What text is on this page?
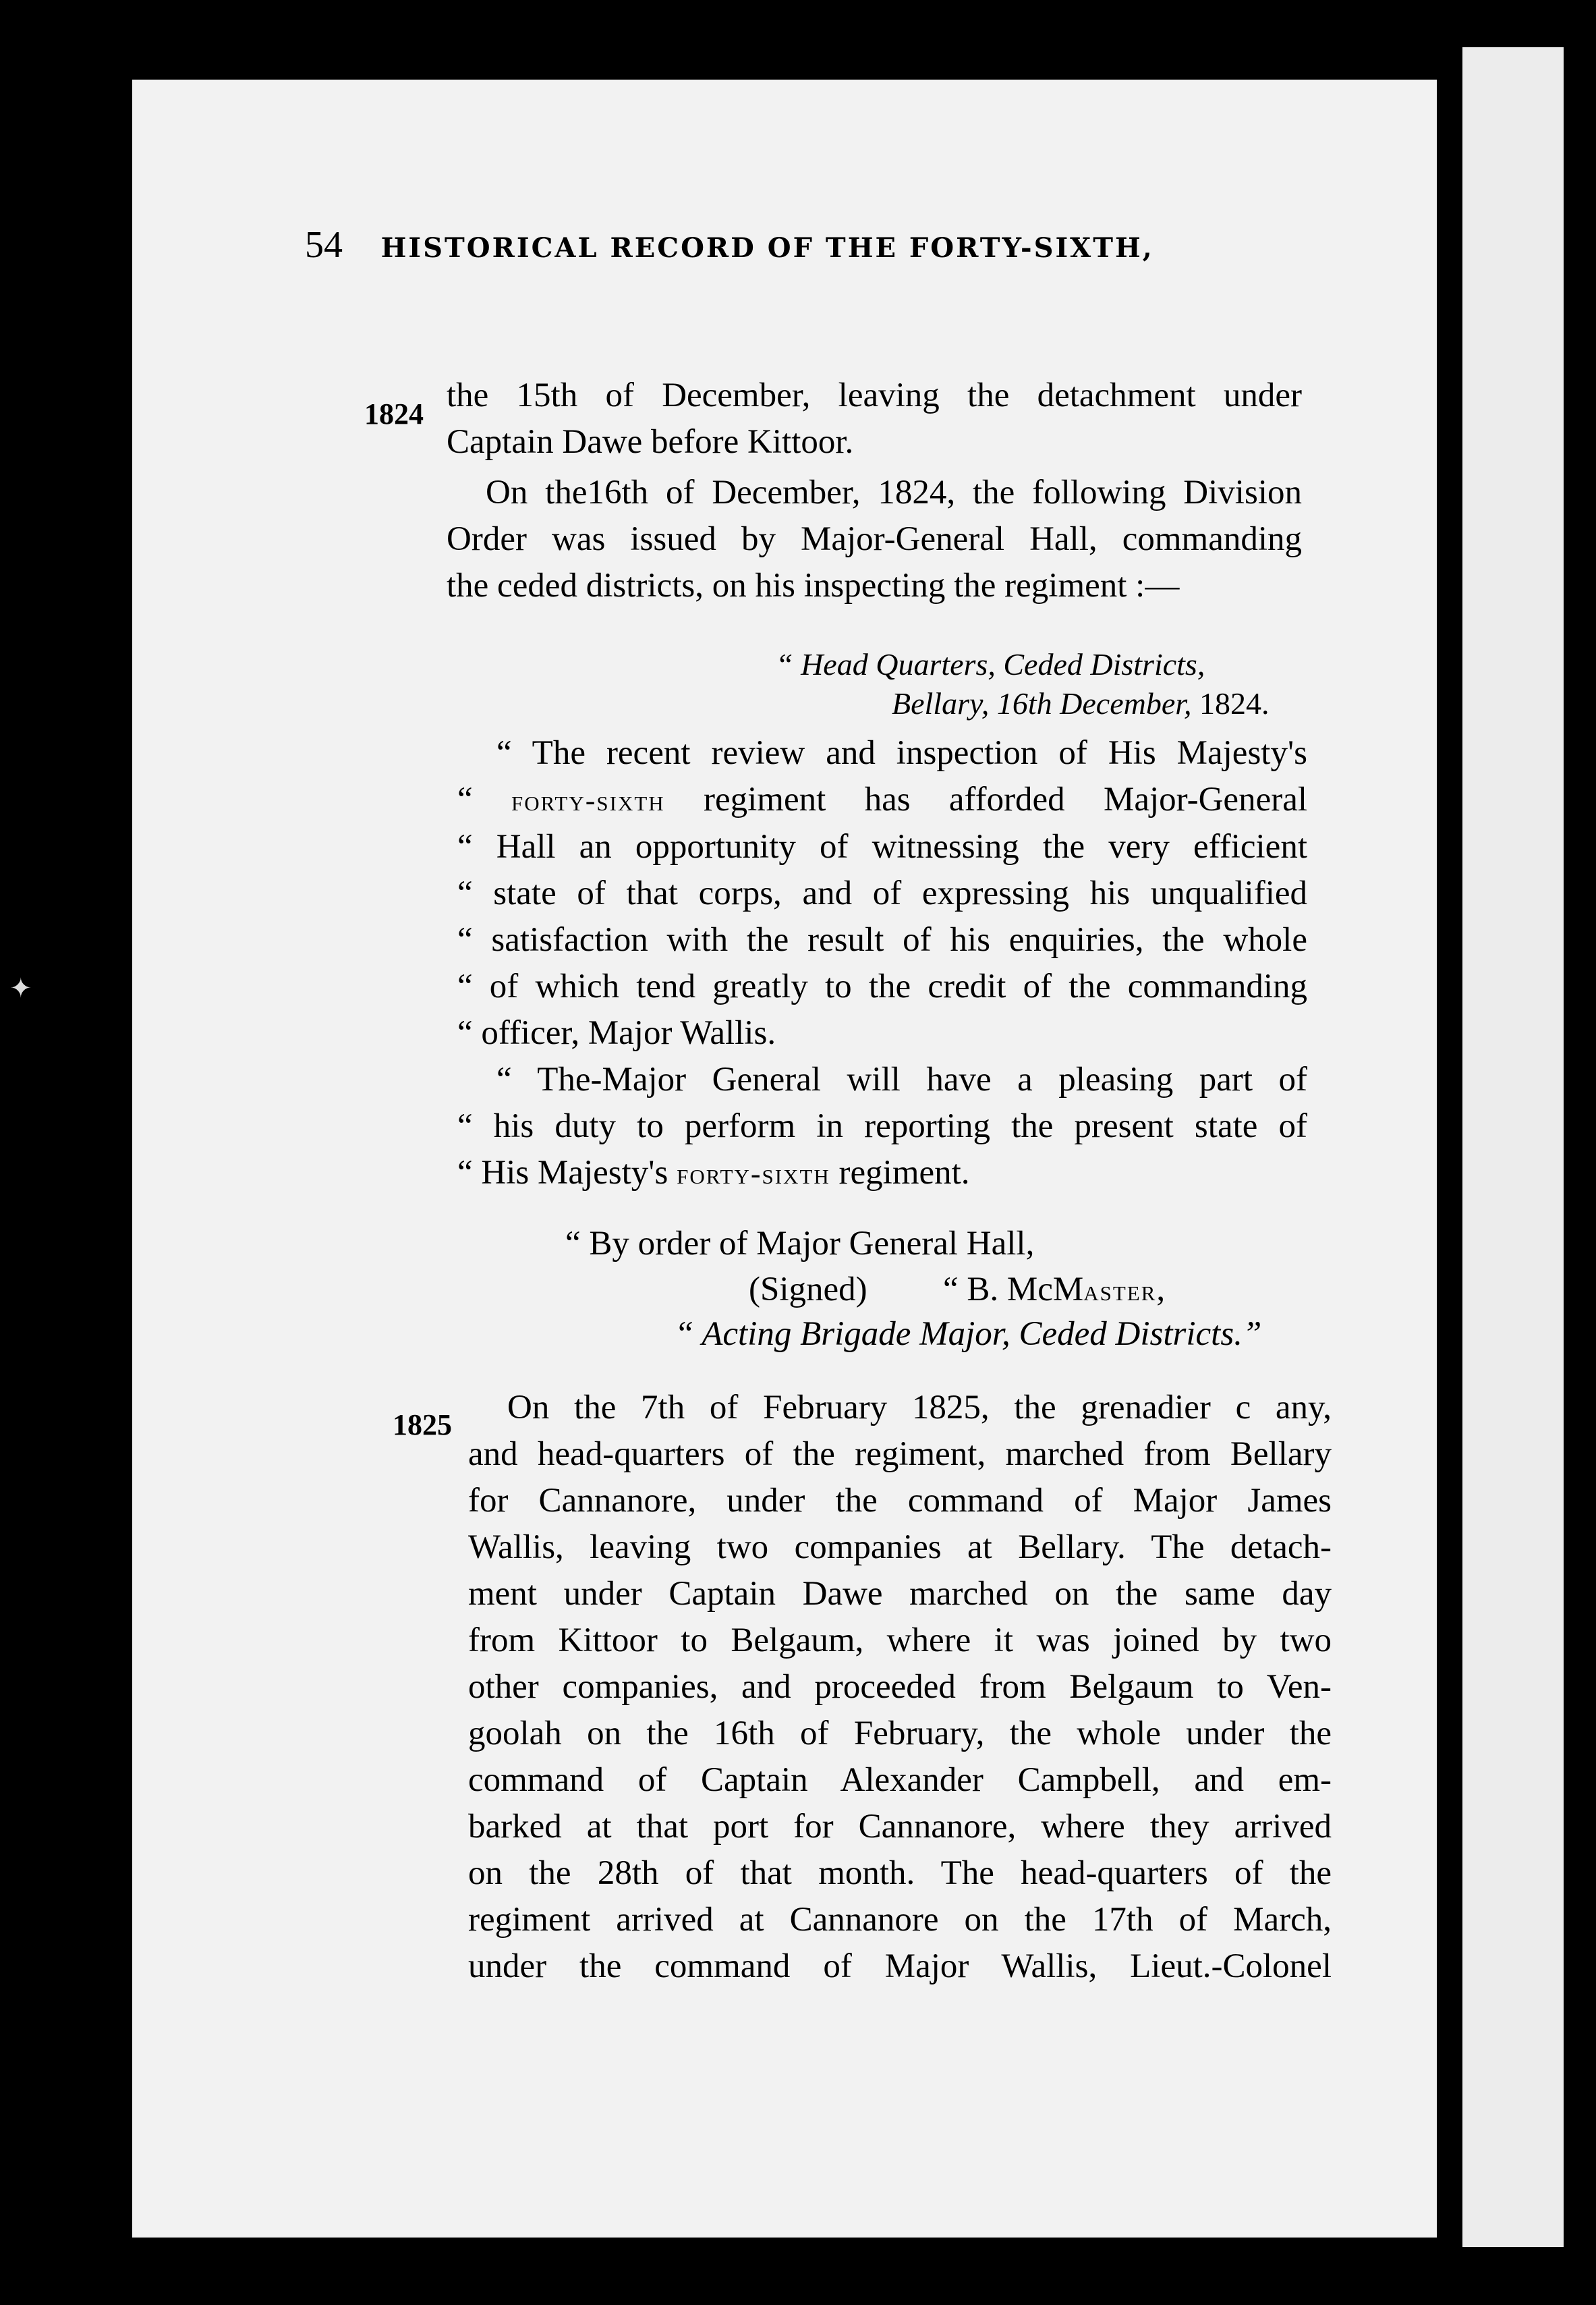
✦
54 HISTORICAL RECORD OF THE FORTY-SIXTH,
1824
1825

the 15th of December, leaving the detachment under

Captain Dawe before Kittoor.

On the16th of December, 1824, the following Division

Order was issued by Major-General Hall, commanding

the ceded districts, on his inspecting the regiment :—

“ Head Quarters, Ceded Districts,
Bellary, 16th December, 1824.

“ The recent review and inspection of His Majesty's

“ forty-sixth regiment has afforded Major-General

“ Hall an opportunity of witnessing the very efficient

“ state of that corps, and of expressing his unqualified

“ satisfaction with the result of his enquiries, the whole

“ of which tend greatly to the credit of the commanding

“ officer, Major Wallis.

“ The-Major General will have a pleasing part of

“ his duty to perform in reporting the present state of

“ His Majesty's forty-sixth regiment.

“ By order of Major General Hall,
(Signed) “ B. McMaster,
“ Acting Brigade Major, Ceded Districts.”

On the 7th of February 1825, the grenadier c any,

and head-quarters of the regiment, marched from Bellary

for Cannanore, under the command of Major James

Wallis, leaving two companies at Bellary. The detach-

ment under Captain Dawe marched on the same day

from Kittoor to Belgaum, where it was joined by two

other companies, and proceeded from Belgaum to Ven-

goolah on the 16th of February, the whole under the

command of Captain Alexander Campbell, and em-

barked at that port for Cannanore, where they arrived

on the 28th of that month. The head-quarters of the

regiment arrived at Cannanore on the 17th of March,

under the command of Major Wallis, Lieut.-Colonel
